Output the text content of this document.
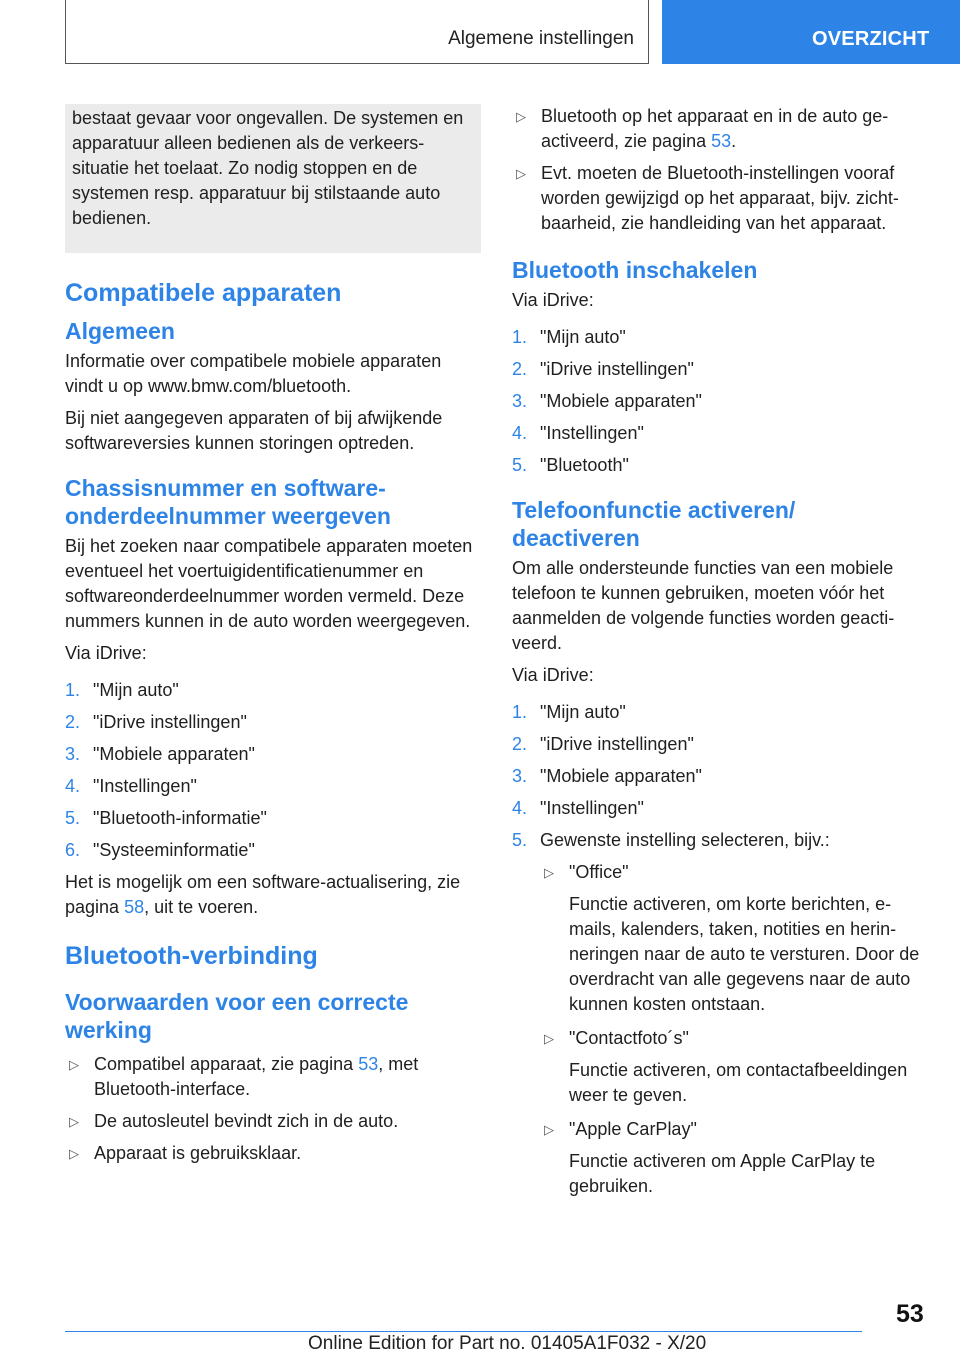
Algemene instellingen	OVERZICHT
bestaat gevaar voor ongevallen. De systemen en apparatuur alleen bedienen als de verkeerssituatie het toelaat. Zo nodig stoppen en de systemen resp. apparatuur bij stilstaande auto bedienen.
Compatibele apparaten
Algemeen

Informatie over compatibele mobiele apparaten vindt u op www.bmw.com/bluetooth.

Bij niet aangegeven apparaten of bij afwijkende softwareversies kunnen storingen optreden.

Chassisnummer en softwareonderdeelnummer weergeven

Bij het zoeken naar compatibele apparaten moeten eventueel het voertuigidentificatienummer en softwareonderdeelnummer worden vermeld. Deze nummers kunnen in de auto worden weergegeven.

Via iDrive:

1. "Mijn auto"
2. "iDrive instellingen"
3. "Mobiele apparaten"
4. "Instellingen"
5. "Bluetooth-informatie"
6. "Systeeminformatie"

Het is mogelijk om een software-actualisering, zie pagina 58, uit te voeren.

Bluetooth-verbinding
Voorwaarden voor een correcte werking
▷ Compatibel apparaat, zie pagina 53, met Bluetooth-interface.
▷ De autosleutel bevindt zich in de auto.
▷ Apparaat is gebruiksklaar.
▷ Bluetooth op het apparaat en in de auto geactiveerd, zie pagina 53.
▷ Evt. moeten de Bluetooth-instellingen vooraf worden gewijzigd op het apparaat, bijv. zichtbaarheid, zie handleiding van het apparaat.
Bluetooth inschakelen

Via iDrive:

1. "Mijn auto"
2. "iDrive instellingen"
3. "Mobiele apparaten"
4. "Instellingen"
5. "Bluetooth"
Telefoonfunctie activeren/ deactiveren

Om alle ondersteunde functies van een mobiele telefoon te kunnen gebruiken, moeten vóór het aanmelden de volgende functies worden geactiveerd.

Via iDrive:

1. "Mijn auto"
2. "iDrive instellingen"
3. "Mobiele apparaten"
4. "Instellingen"
5. Gewenste instelling selecteren, bijv.:
▷ "Office"
Functie activeren, om korte berichten, e-mails, kalenders, taken, notities en herinneringen naar de auto te versturen. Door de overdracht van alle gegevens naar de auto kunnen kosten ontstaan.
▷ "Contactfoto´s"
Functie activeren, om contactafbeeldingen weer te geven.
▷ "Apple CarPlay"
Functie activeren om Apple CarPlay te gebruiken.
53
Online Edition for Part no. 01405A1F032 - X/20
